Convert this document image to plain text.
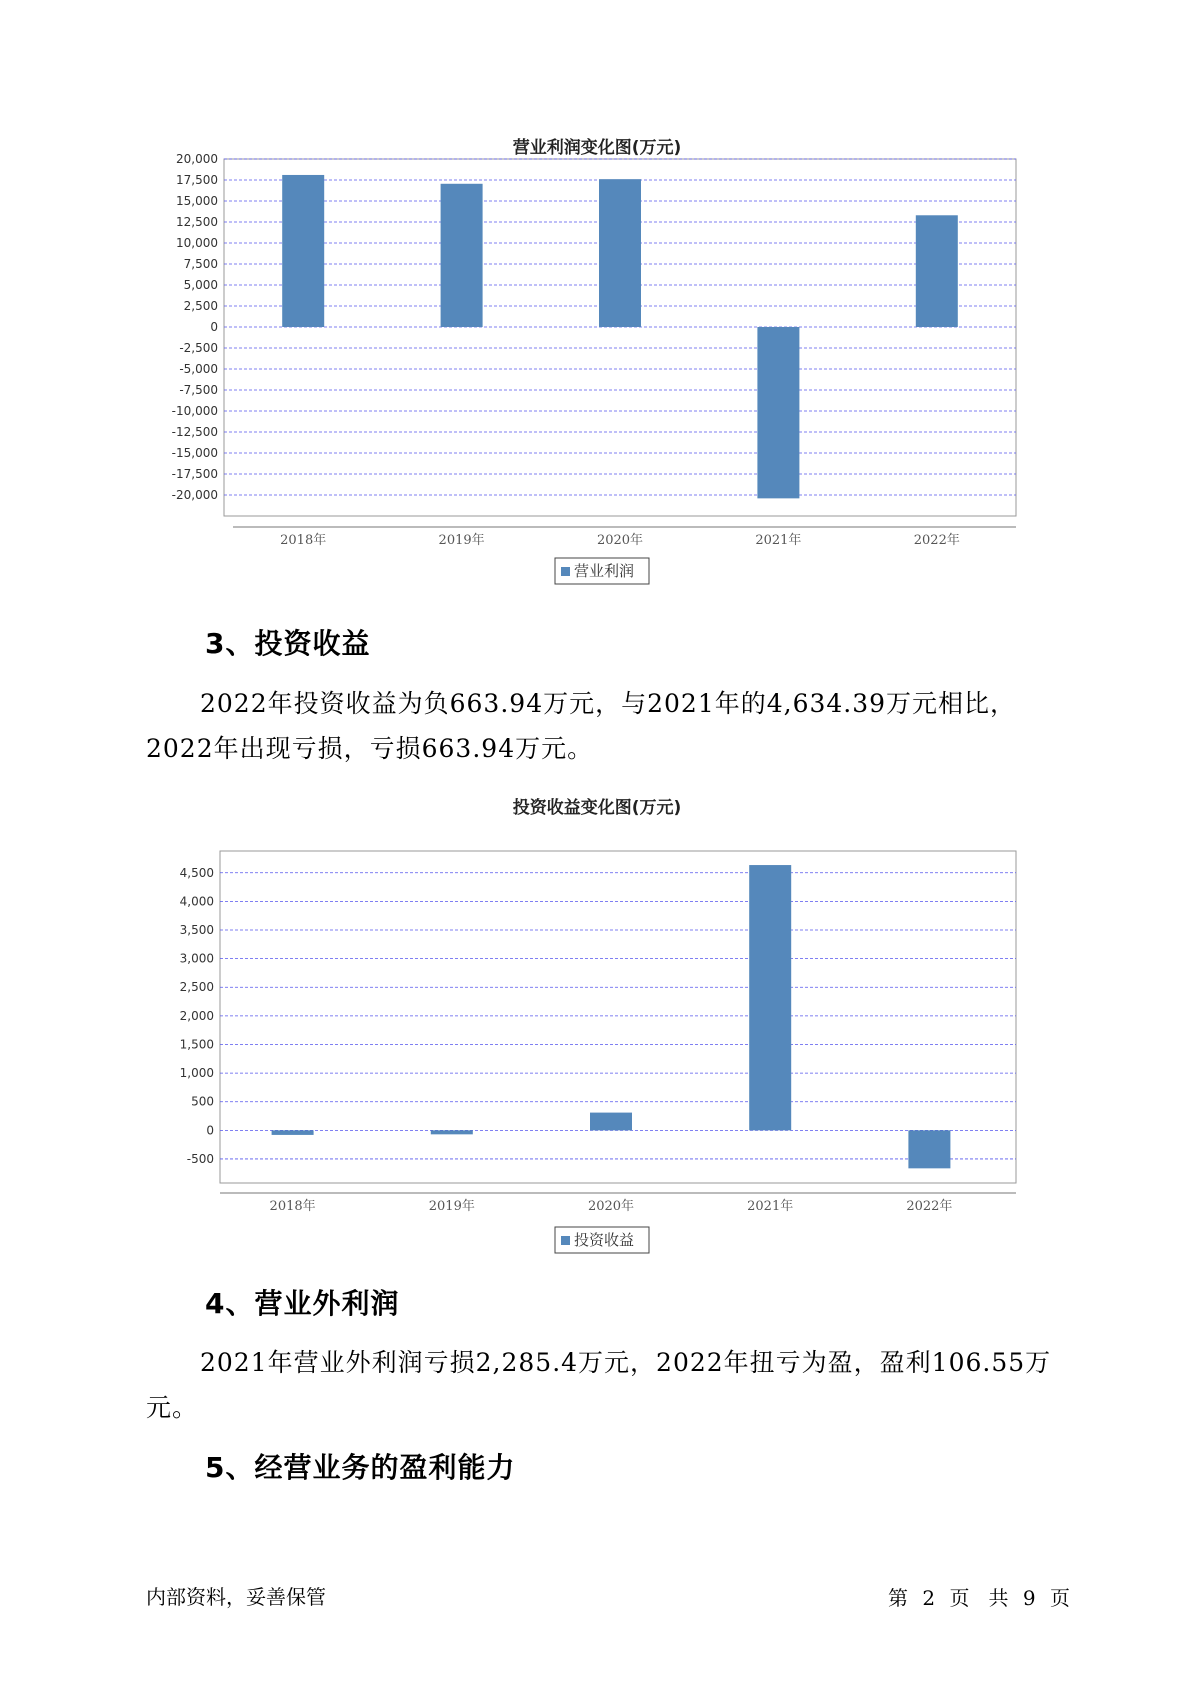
营业利润变化图(万元)
20,000
17,500
15,000
12,500
10,000
7,500
5,000
2,500
0
-2,500
-5,000
-7,500
-10,000
-12,500
-15,000
-17,500
-20,000
2018年	2019年	2020年	2021年	2022年
营业利润
3、投资收益

2022年投资收益为负663.94万元，与2021年的4,634.39万元相比，2022年出现亏损，亏损663.94万元。

投资收益变化图(万元)
4,500
4,000
3,500
3,000
2,500
2,000
1,500
1,000
500
0
-500
2018年	2019年	2020年	2021年	2022年
投资收益
4、营业外利润

2021年营业外利润亏损2,285.4万元，2022年扭亏为盈，盈利106.55万元。

5、经营业务的盈利能力
内部资料，妥善保管	第 2 页   共 9 页
